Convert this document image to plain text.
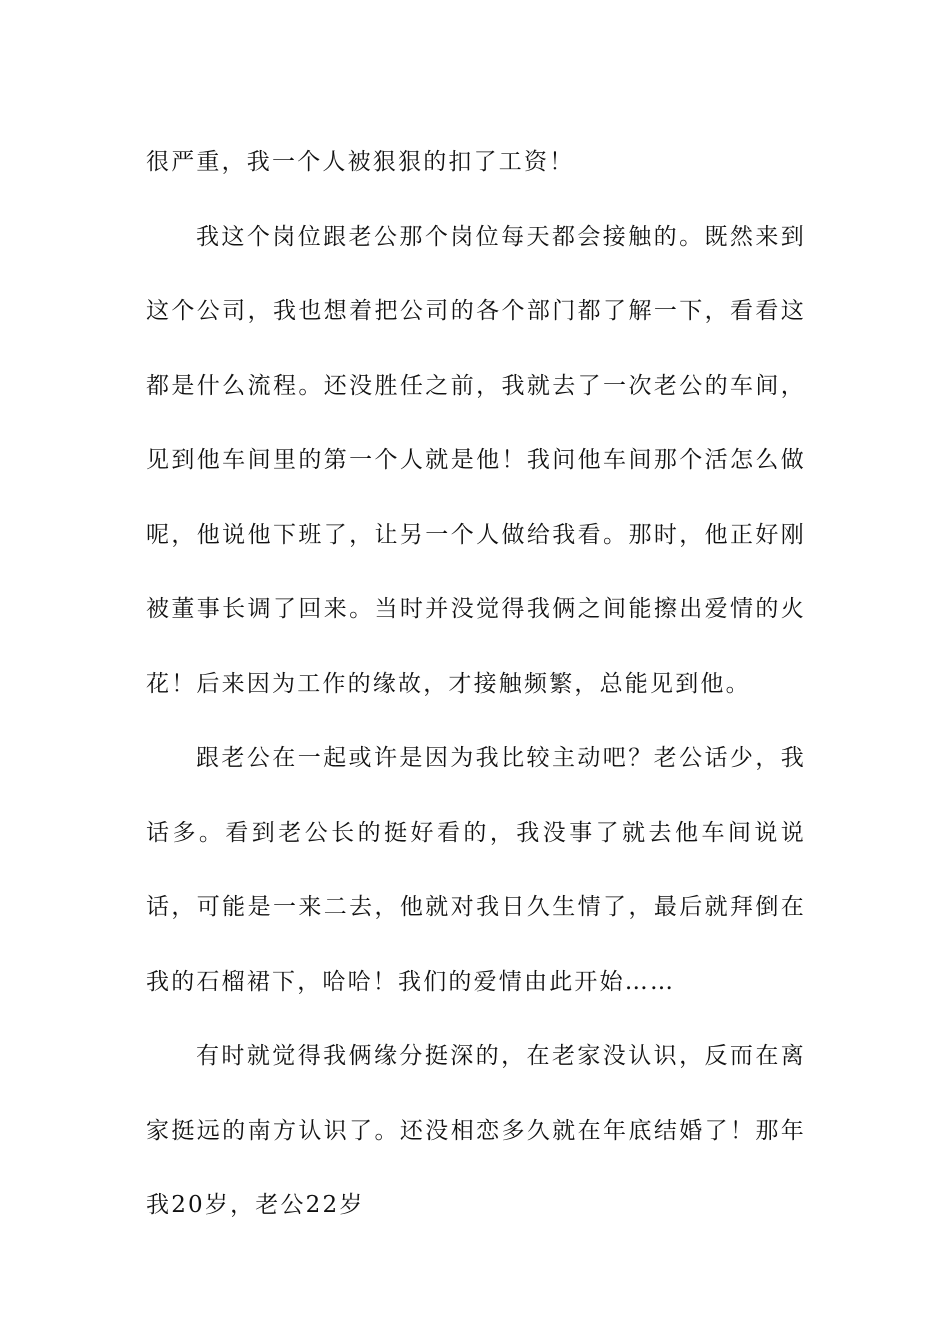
很严重，我一个人被狠狠的扣了工资！

我这个岗位跟老公那个岗位每天都会接触的。既然来到这个公司，我也想着把公司的各个部门都了解一下，看看这都是什么流程。还没胜任之前，我就去了一次老公的车间，见到他车间里的第一个人就是他！我问他车间那个活怎么做呢，他说他下班了，让另一个人做给我看。那时，他正好刚被董事长调了回来。当时并没觉得我俩之间能擦出爱情的火花！后来因为工作的缘故，才接触频繁，总能见到他。

跟老公在一起或许是因为我比较主动吧？老公话少，我话多。看到老公长的挺好看的，我没事了就去他车间说说话，可能是一来二去，他就对我日久生情了，最后就拜倒在我的石榴裙下，哈哈！我们的爱情由此开始……

有时就觉得我俩缘分挺深的，在老家没认识，反而在离家挺远的南方认识了。还没相恋多久就在年底结婚了！那年我20岁，老公22岁
